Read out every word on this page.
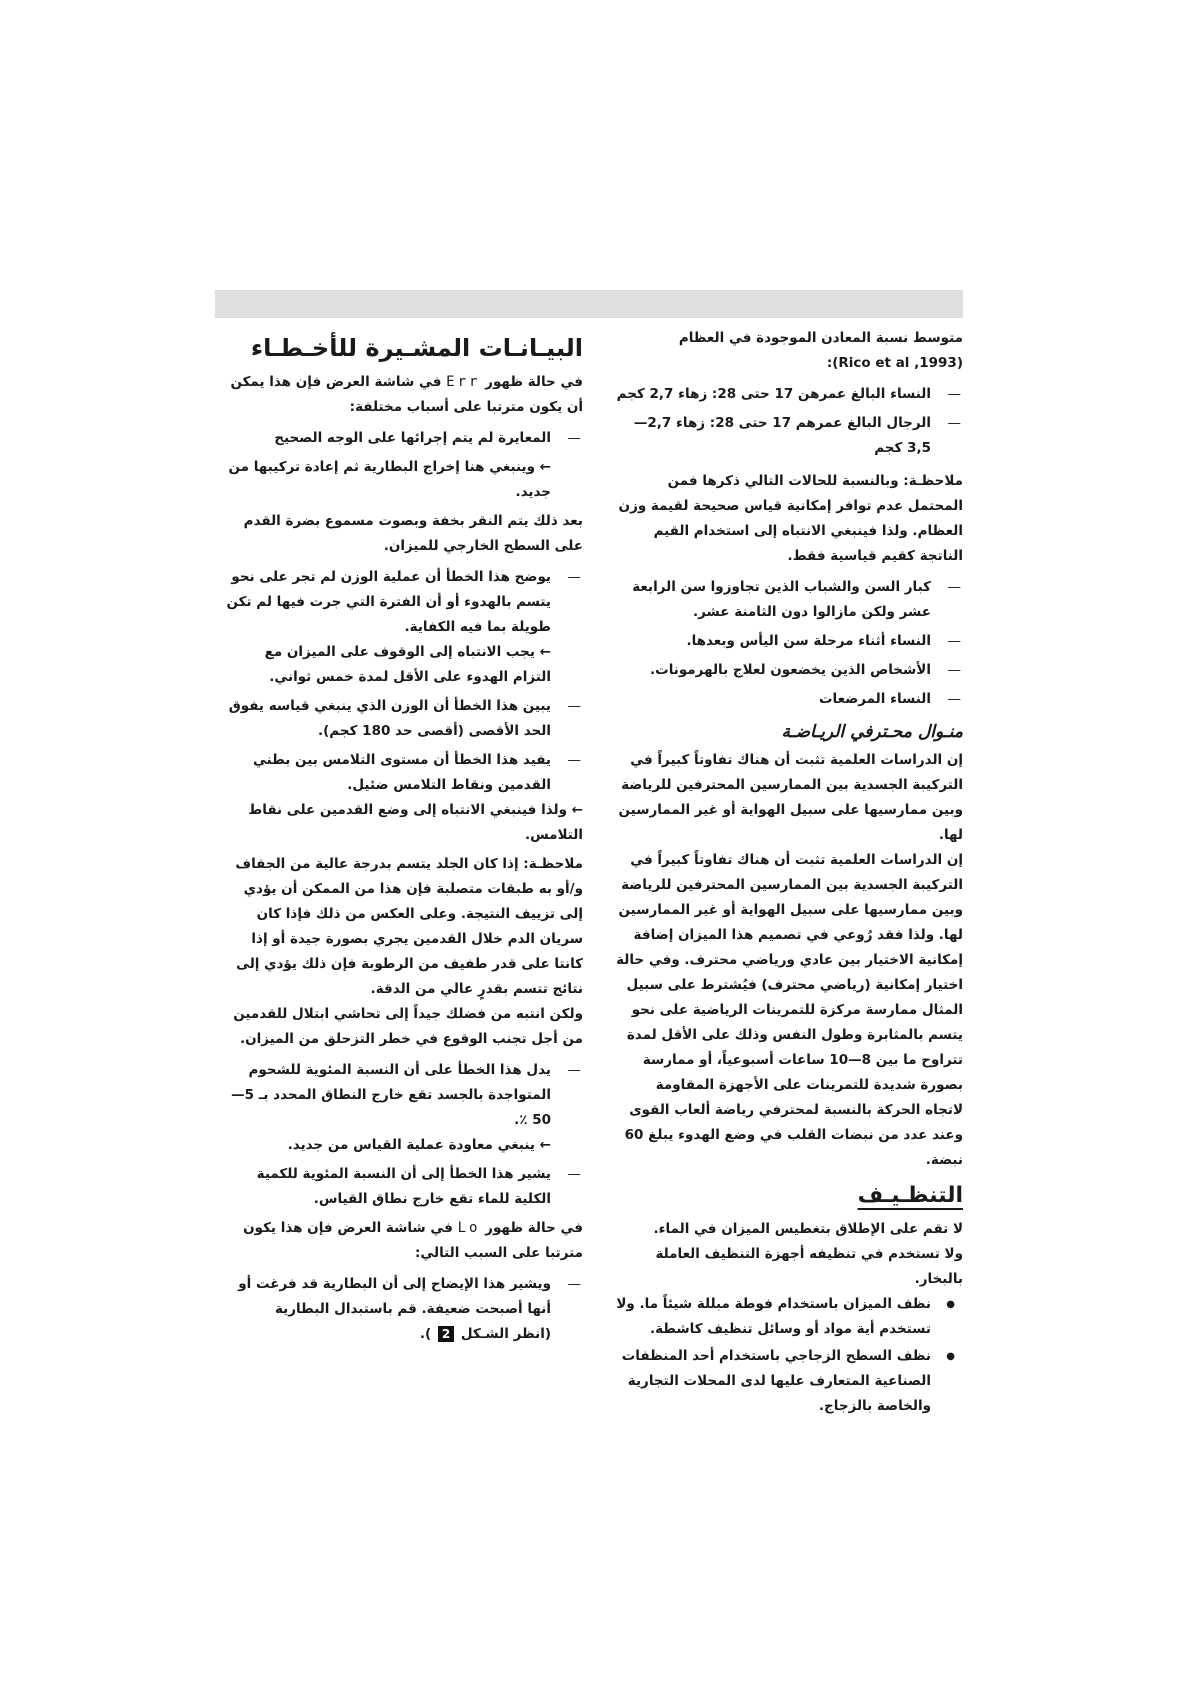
متوسط نسبة المعادن الموجودة في العظام
:(Rico et al ,1993)

— النساء البالغ عمرهن 17 حتى 28: زهاء 2,7 كجم

— الرجال البالغ عمرهم 17 حتى 28: زهاء 2,7—3,5 كجم

ملاحظـة: وبالنسبة للحالات التالي ذكرها فمن المحتمل عدم توافر إمكانية قياس صحيحة لقيمة وزن العظام. ولذا فينبغي الانتباه إلى استخدام القيم الناتجة كقيم قياسية فقط.

— كبار السن والشباب الذين تجاوزوا سن الرابعة عشر ولكن مازالوا دون الثامنة عشر.

— النساء أثناء مرحلة سن اليأس وبعدها.

— الأشخاص الذين يخضعون لعلاج بالهرمونات.

— النساء المرضعات

منـوال محـترفي الريـاضـة

إن الدراسات العلمية تثبت أن هناك تفاوتاً كبيراً في التركيبة الجسدية بين الممارسين المحترفين للرياضة وبين ممارسيها على سبيل الهواية أو غير الممارسين لها.

إن الدراسات العلمية تثبت أن هناك تفاوتاً كبيراً في التركيبة الجسدية بين الممارسين المحترفين للرياضة وبين ممارسيها على سبيل الهواية أو غير الممارسين لها. ولذا فقد رُوعي في تصميم هذا الميزان إضافة إمكانية الاختيار بين عادي ورياضي محترف. وفي حالة اختيار إمكانية (رياضي محترف) فيُشترط على سبيل المثال ممارسة مركزة للتمرينات الرياضية على نحو يتسم بالمثابرة وطول النفس وذلك على الأقل لمدة تتراوح ما بين 8—10 ساعات أسبوعياً، أو ممارسة بصورة شديدة للتمرينات على الأجهزة المقاومة لاتجاه الحركة بالنسبة لمحترفي رياضة ألعاب القوى وعند عدد من نبضات القلب في وضع الهدوء يبلغ 60 نبضة.

التنظـيـف

لا تقم على الإطلاق بتغطيس الميزان في الماء.
ولا تستخدم في تنظيفه أجهزة التنظيف العاملة بالبخار.

● نظف الميزان باستخدام فوطة مبللة شيئاً ما. ولا تستخدم أية مواد أو وسائل تنظيف كاشطة.

● نظف السطح الزجاجي باستخدام أحد المنظفات الصناعية المتعارف عليها لدى المحلات التجارية والخاصة بالزجاج.

البيـانـات المشـيرة للأخـطـاء

في حالة ظهور Err في شاشة العرض فإن هذا يمكن أن يكون مترتبا على أسباب مختلفة:

— المعايرة لم يتم إجرائها على الوجه الصحيح

← وينبغي هنا إخراج البطارية ثم إعادة تركيبها من جديد.

بعد ذلك يتم النقر بخفة وبصوت مسموع بضرة القدم على السطح الخارجي للميزان.

— يوضح هذا الخطأ أن عملية الوزن لم تجر على نحو يتسم بالهدوء أو أن الفترة التي جرت فيها لم تكن طويلة بما فيه الكفاية.
← يجب الانتباه إلى الوقوف على الميزان مع التزام الهدوء على الأقل لمدة خمس ثواني.
— يبين هذا الخطأ أن الوزن الذي ينبغي قياسه يفوق الحد الأقصى (أقصى حد 180 كجم).
— يفيد هذا الخطأ أن مستوى التلامس بين بطني القدمين ونقاط التلامس ضئيل.
← ولذا فينبغي الانتباه إلى وضع القدمين على نقاط التلامس.

ملاحظـة: إذا كان الجلد يتسم بدرجة عالية من الجفاف و/أو به طبقات متصلبة فإن هذا من الممكن أن يؤدي إلى تزييف النتيجة. وعلى العكس من ذلك فإذا كان سريان الدم خلال القدمين يجري بصورة جيدة أو إذا كانتا على قدر طفيف من الرطوبة فإن ذلك يؤدي إلى نتائج تتسم بقدرٍ عالي من الدقة.

ولكن انتبه من فضلك جيداً إلى تحاشي ابتلال للقدمين من أجل تجنب الوقوع في خطر التزحلق من الميزان.

— يدل هذا الخطأ على أن النسبة المئوية للشحوم المتواجدة بالجسد تقع خارج النطاق المحدد بـ 5—50 ٪.
← ينبغي معاودة عملية القياس من جديد.
— يشير هذا الخطأ إلى أن النسبة المئوية للكمية الكلية للماء تقع خارج نطاق القياس.

في حالة ظهور Lo في شاشة العرض فإن هذا يكون مترتبا على السبب التالي:

— ويشير هذا الإيضاح إلى أن البطارية قد فرغت أو أنها أصبحت ضعيفة. قم باستبدال البطارية
(انظر الشـكل 2 ).
